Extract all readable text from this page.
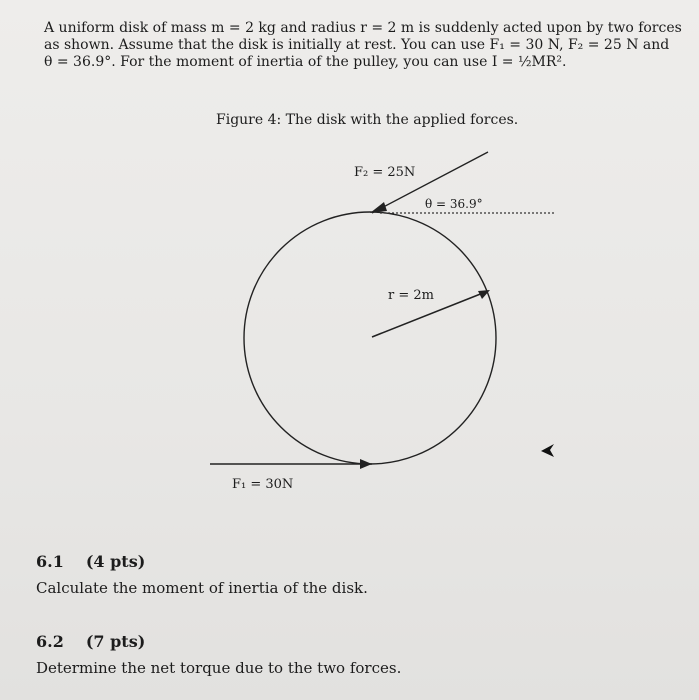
A uniform disk of mass m = 2 kg and radius r = 2 m is suddenly acted upon by two forces

as shown. Assume that the disk is initially at rest. You can use F₁ = 30 N, F₂ = 25 N and

θ = 36.9°. For the moment of inertia of the pulley, you can use I = ½MR².

Figure 4: The disk with the applied forces.
F₂ = 25N
θ = 36.9°
r = 2m
F₁ = 30N
6.1 (4 pts)
Calculate the moment of inertia of the disk.
6.2 (7 pts)
Determine the net torque due to the two forces.
